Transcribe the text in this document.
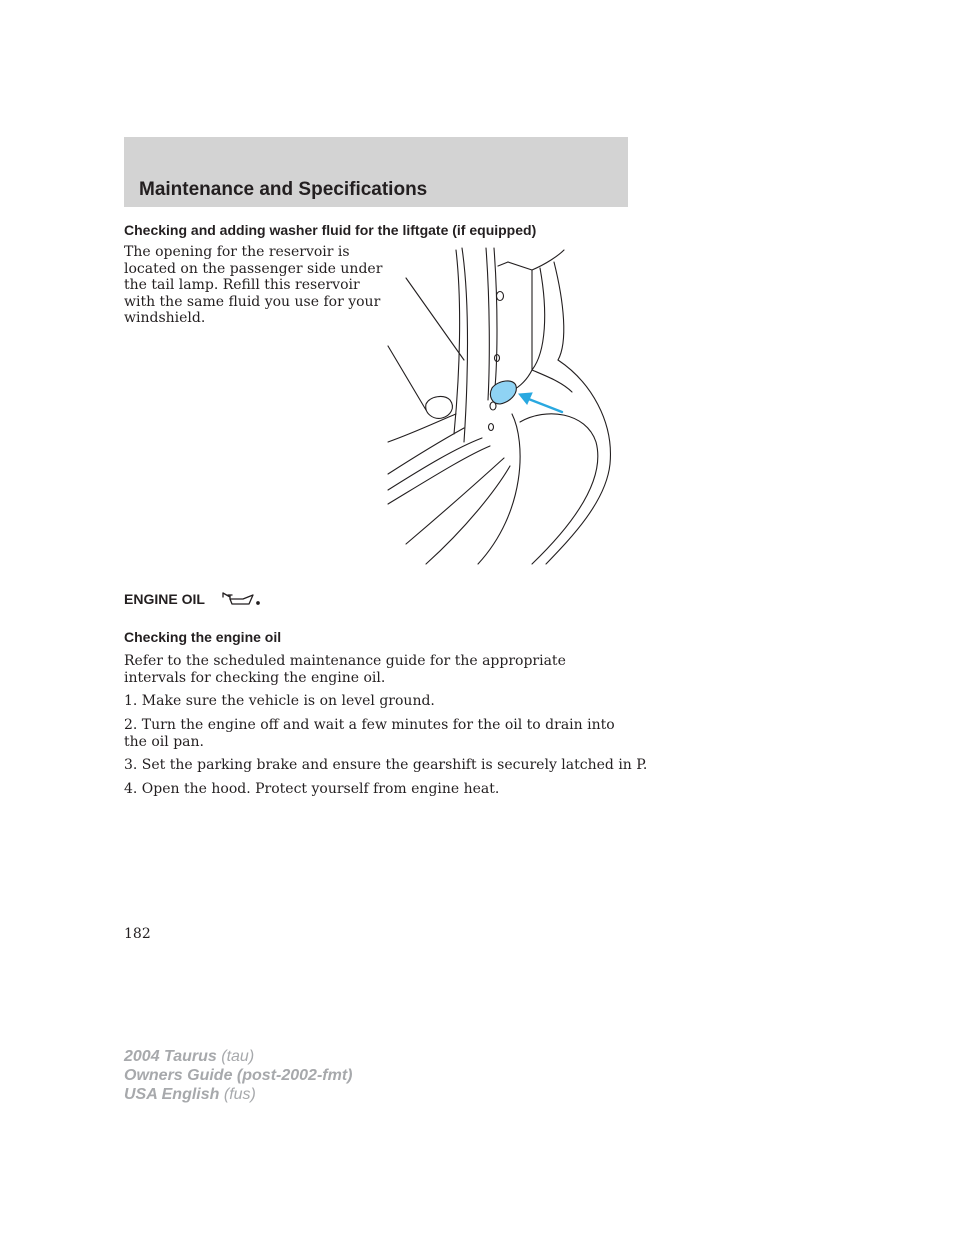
Maintenance and Specifications
Checking and adding washer fluid for the liftgate (if equipped)

The opening for the reservoir is located on the passenger side under the tail lamp. Refill this reservoir with the same fluid you use for your windshield.

ENGINE OIL
Checking the engine oil

Refer to the scheduled maintenance guide for the appropriate intervals for checking the engine oil.

1. Make sure the vehicle is on level ground.

2. Turn the engine off and wait a few minutes for the oil to drain into the oil pan.

3. Set the parking brake and ensure the gearshift is securely latched in P.

4. Open the hood. Protect yourself from engine heat.

182

2004 Taurus (tau)
Owners Guide (post-2002-fmt)
USA English (fus)
